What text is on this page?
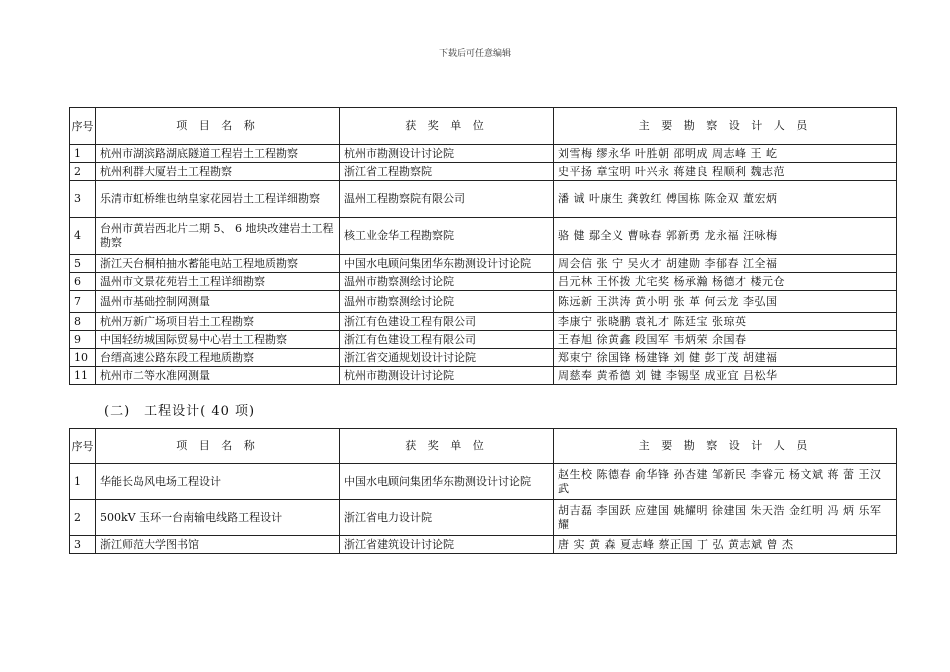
下载后可任意编辑
序号	项 目 名 称	获 奖 单 位	主 要 勘 察 设 计 人 员
1	杭州市湖滨路湖底隧道工程岩土工程勘察	杭州市勘测设计讨论院	刘雪梅 缪永华 叶胜朝 邵明成 周志峰 王 屹
2	杭州利群大厦岩土工程勘察	浙江省工程勘察院	史平扬 章宝明 叶兴永 蒋建良 程顺利 魏志范
3	乐清市虹桥维也纳皇家花园岩土工程详细勘察	温州工程勘察院有限公司	潘 诚 叶康生 龚敦红 傅国栋 陈金双 董宏炳
4	台州市黄岩西北片二期 5、 6 地块改建岩土工程勘察	核工业金华工程勘察院	骆 健 鄢全义 曹咏春 郭新勇 龙永福 汪咏梅
5	浙江天台桐柏抽水蓄能电站工程地质勘察	中国水电顾问集团华东勘测设计讨论院	周会信 张 宁 吴火才 胡建勋 李郁春 江全福
6	温州市文景花苑岩土工程详细勘察	温州市勘察测绘讨论院	吕元林 王怀拨 尤宅奖 杨承瀚 杨德才 楼元仓
7	温州市基础控制网测量	温州市勘察测绘讨论院	陈远新 王洪涛 黄小明 张 革 何云龙 李弘国
8	杭州万新广场项目岩土工程勘察	浙江有色建设工程有限公司	李康宁 张晓鹏 袁礼才 陈廷宝 张琼英
9	中国轻纺城国际贸易中心岩土工程勘察	浙江有色建设工程有限公司	王春旭 徐黄鑫 段国军 韦炳荣 余国春
10	台缙高速公路东段工程地质勘察	浙江省交通规划设计讨论院	郑束宁 徐国锋 杨建锋 刘 健 彭丁茂 胡建福
11	杭州市二等水准网测量	杭州市勘测设计讨论院	周慈奉 黄希德 刘 键 李锡坚 成亚宜 吕松华
(二) 工程设计( 40 项)
序号	项 目 名 称	获 奖 单 位	主 要 勘 察 设 计 人 员
1	华能长岛风电场工程设计	中国水电顾问集团华东勘测设计讨论院	赵生校 陈德春 俞华锋 孙杏建 邹新民 李睿元 杨文斌 蒋 蕾 王汉武
2	500kV 玉环一台南输电线路工程设计	浙江省电力设计院	胡吉磊 李国跃 应建国 姚耀明 徐建国 朱天浩 金红明 冯 炳 乐军耀
3	浙江师范大学图书馆	浙江省建筑设计讨论院	唐 实 黄 森 夏志峰 蔡正国 丁 弘 黄志斌 曾 杰
